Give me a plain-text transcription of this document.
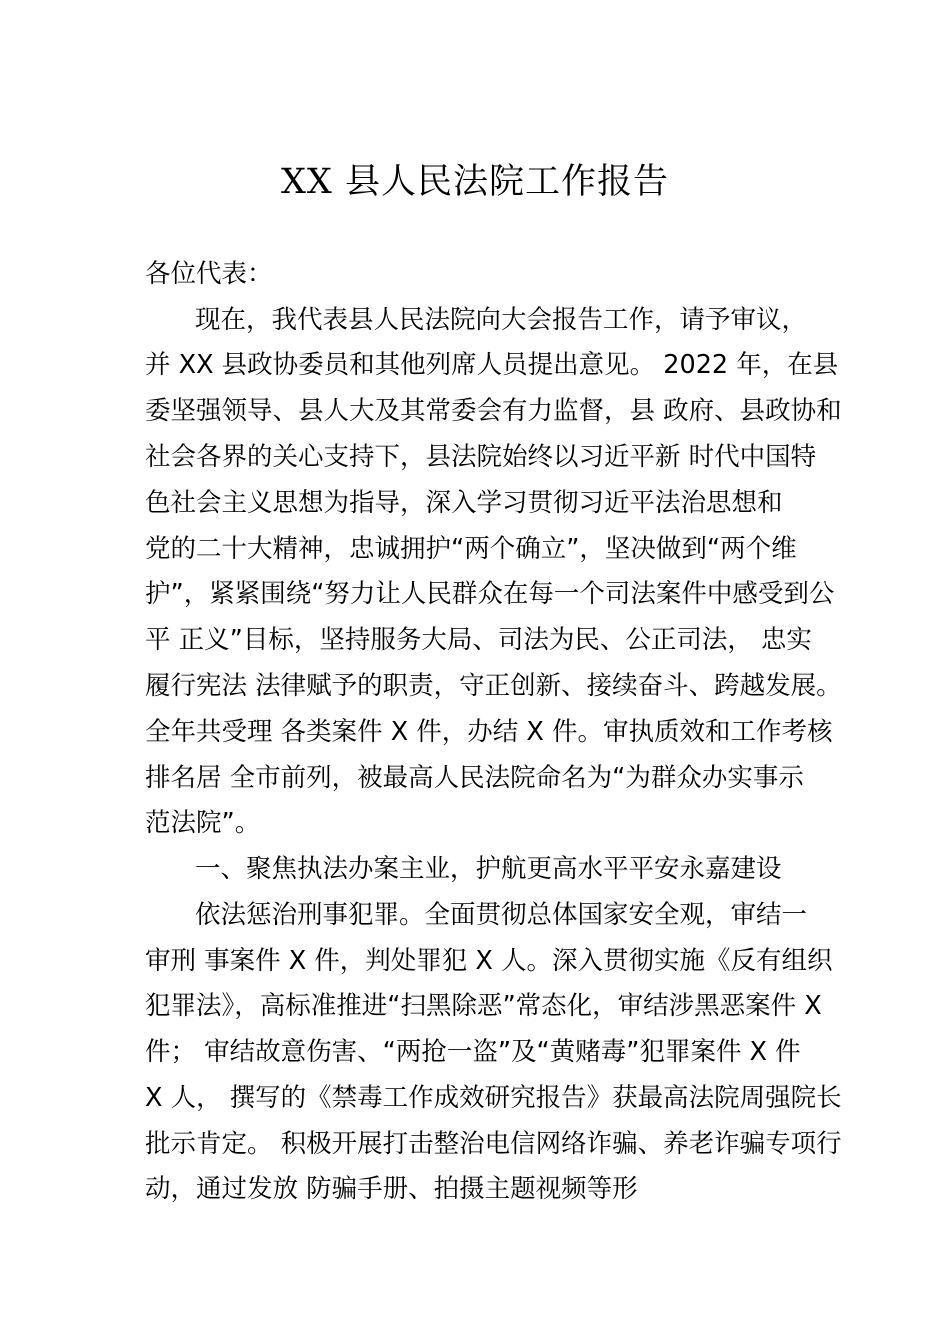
XX 县人民法院工作报告
各位代表：
现在，我代表县人民法院向大会报告工作，请予审议，
并 XX 县政协委员和其他列席人员提出意见。 2022 年，在县
委坚强领导、县人大及其常委会有力监督，县 政府、县政协和
社会各界的关心支持下，县法院始终以习近平新 时代中国特
色社会主义思想为指导，深入学习贯彻习近平法治思想和
党的二十大精神，忠诚拥护“两个确立”，坚决做到“两个维
护”，紧紧围绕“努力让人民群众在每一个司法案件中感受到公
平 正义”目标，坚持服务大局、司法为民、公正司法， 忠实
履行宪法 法律赋予的职责，守正创新、接续奋斗、跨越发展。
全年共受理 各类案件 X 件，办结 X 件。审执质效和工作考核
排名居 全市前列，被最高人民法院命名为“为群众办实事示
范法院”。
一、聚焦执法办案主业，护航更高水平平安永嘉建设
依法惩治刑事犯罪。全面贯彻总体国家安全观，审结一
审刑 事案件 X 件，判处罪犯 X 人。深入贯彻实施《反有组织
犯罪法》，高标准推进“扫黑除恶”常态化，审结涉黑恶案件 X
件； 审结故意伤害、“两抢一盗”及“黄赌毒”犯罪案件 X 件
X 人， 撰写的《禁毒工作成效研究报告》获最高法院周强院长
批示肯定。 积极开展打击整治电信网络诈骗、养老诈骗专项行
动，通过发放 防骗手册、拍摄主题视频等形
